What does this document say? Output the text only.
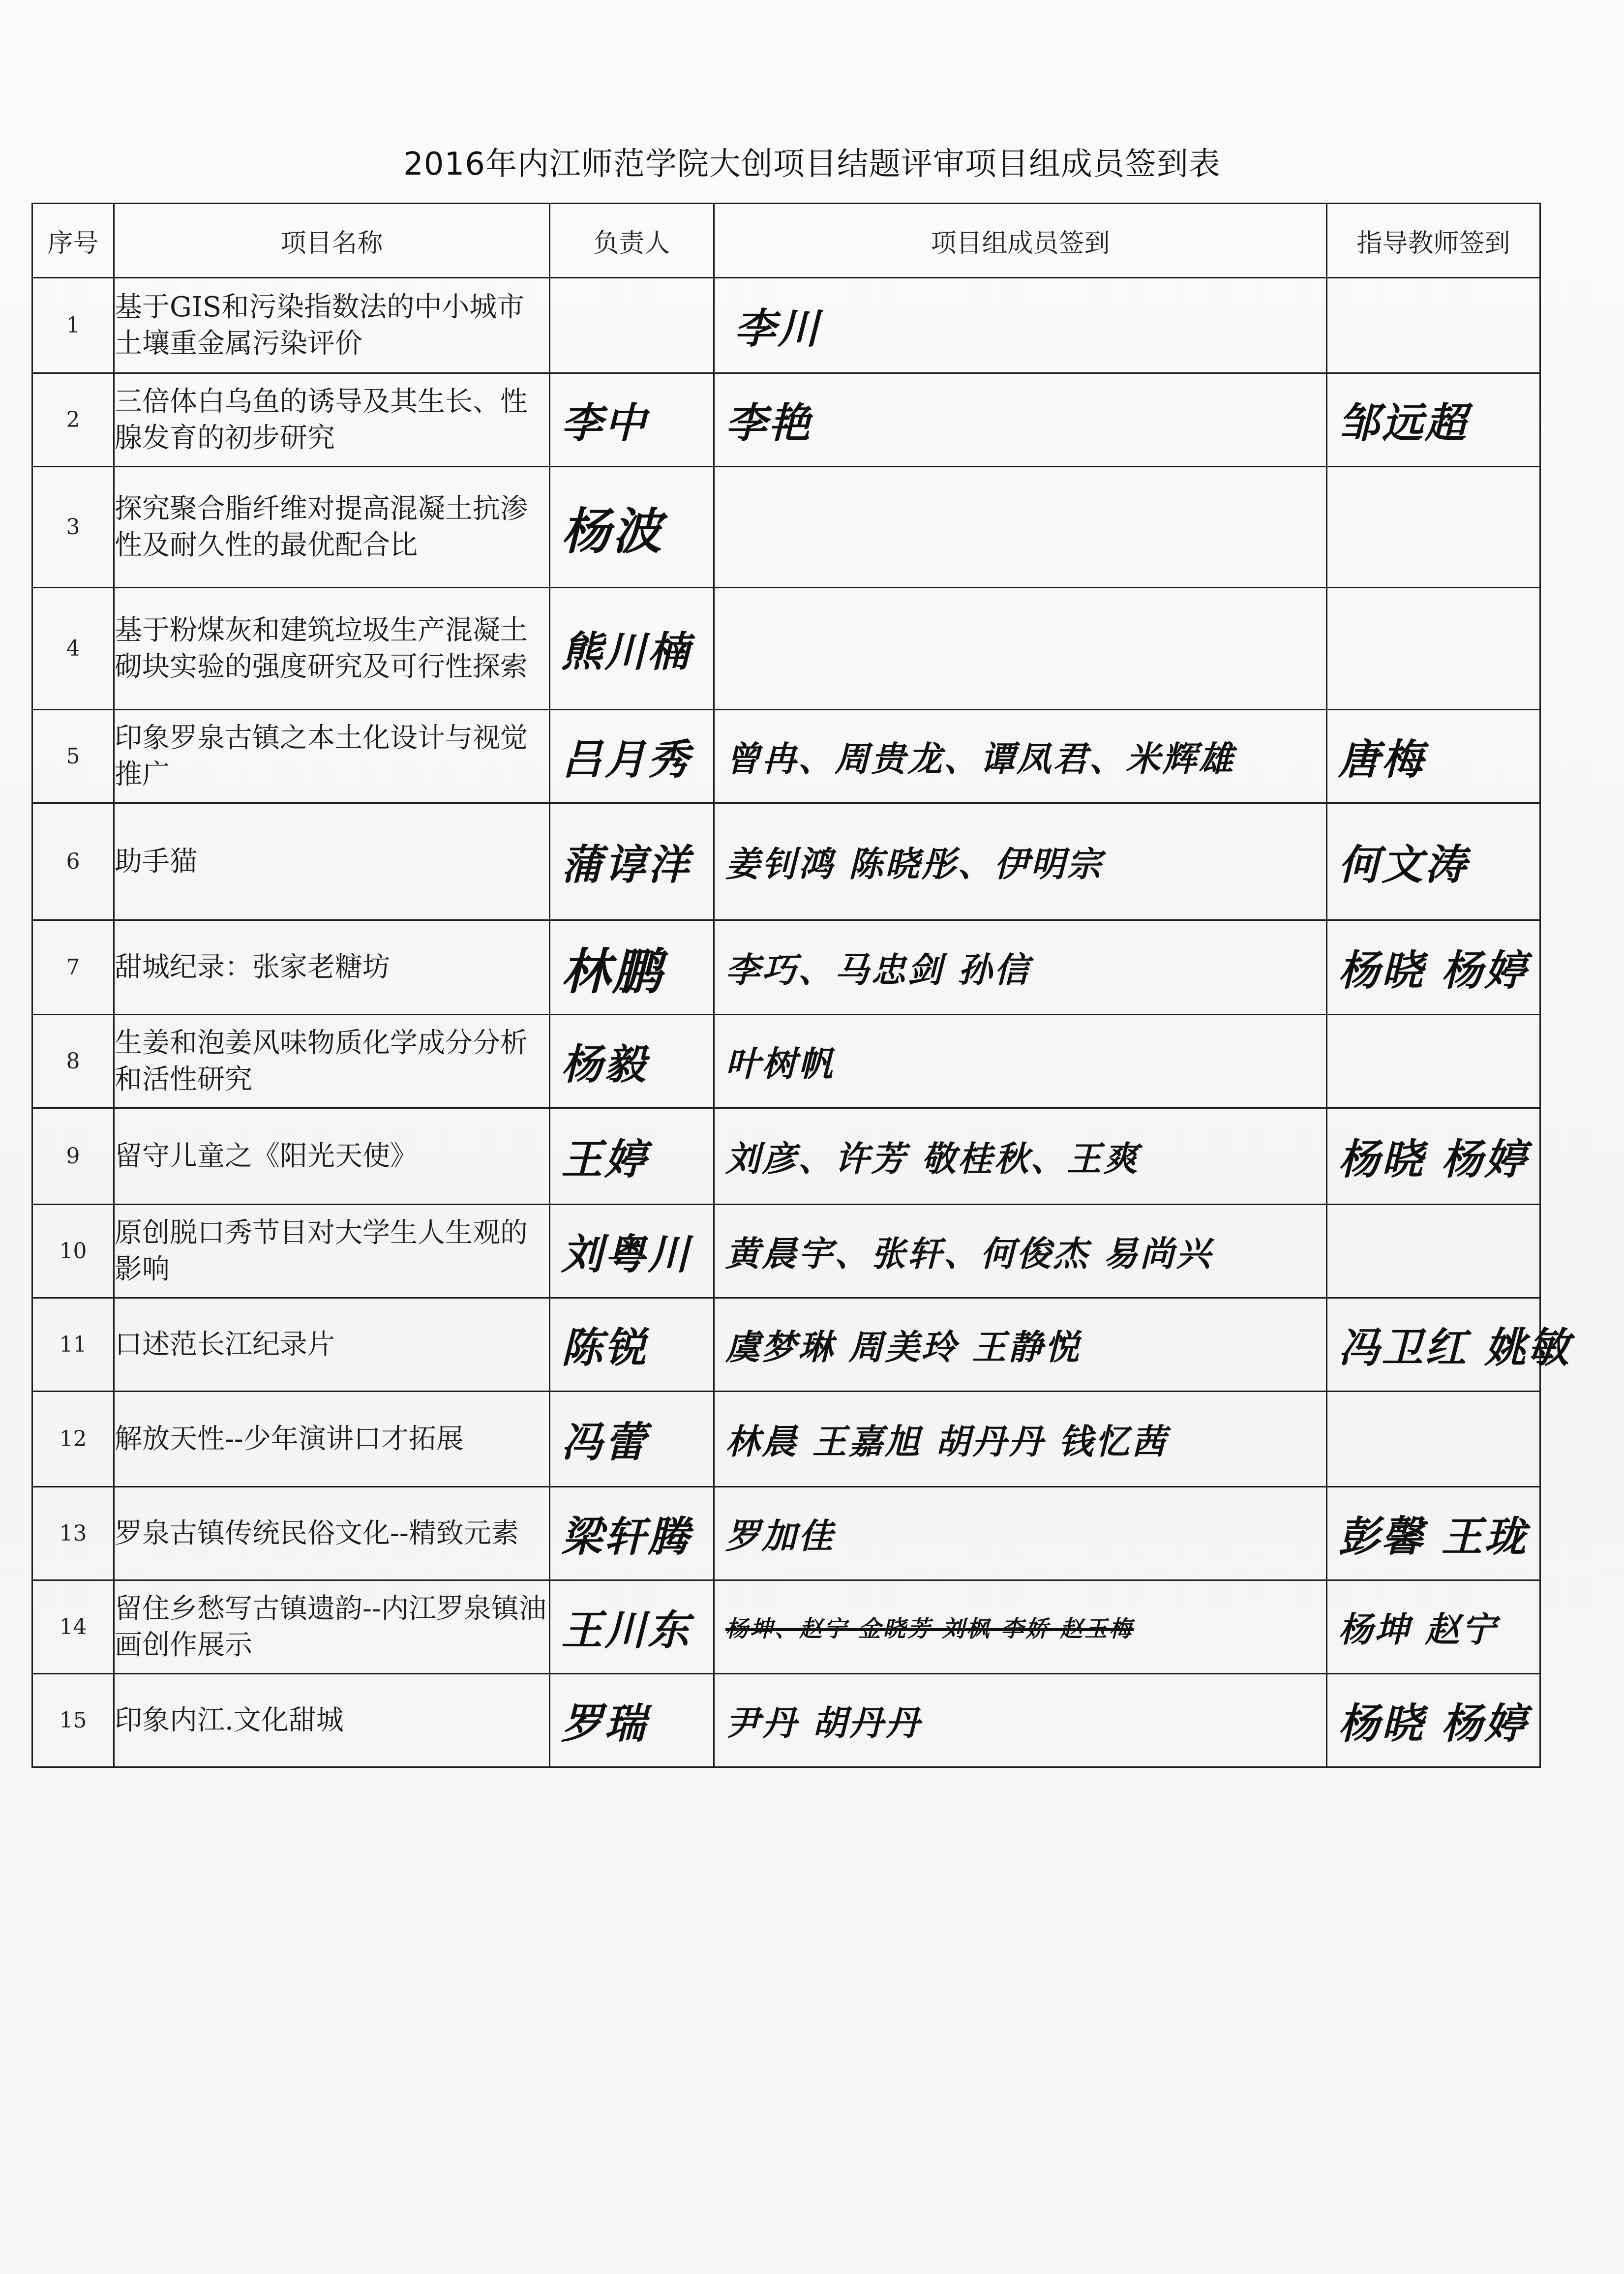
2016年内江师范学院大创项目结题评审项目组成员签到表
序号	项目名称	负责人	项目组成员签到	指导教师签到
1	基于GIS和污染指数法的中小城市土壤重金属污染评价		李川	
2	三倍体白乌鱼的诱导及其生长、性腺发育的初步研究	李中	李艳	邹远超
3	探究聚合脂纤维对提高混凝土抗渗性及耐久性的最优配合比	杨波		
4	基于粉煤灰和建筑垃圾生产混凝土砌块实验的强度研究及可行性探索	熊川楠		
5	印象罗泉古镇之本土化设计与视觉推广	吕月秀	曾冉、周贵龙、谭凤君、米辉雄	唐梅
6	助手猫	蒲谆洋	姜钊鸿 陈晓彤、伊明宗	何文涛
7	甜城纪录：张家老糖坊	林鹏	李巧、马忠剑 孙信	杨晓 杨婷
8	生姜和泡姜风味物质化学成分分析和活性研究	杨毅	叶树帆	
9	留守儿童之《阳光天使》	王婷	刘彦、许芳 敬桂秋、王爽	杨晓 杨婷
10	原创脱口秀节目对大学生人生观的影响	刘粤川	黄晨宇、张轩、何俊杰 易尚兴	
11	口述范长江纪录片	陈锐	虞梦琳 周美玲 王静悦	冯卫红 姚敏
12	解放天性--少年演讲口才拓展	冯蕾	林晨 王嘉旭 胡丹丹 钱忆茜	
13	罗泉古镇传统民俗文化--精致元素	梁轩腾	罗加佳	彭馨 王珑
14	留住乡愁写古镇遗韵--内江罗泉镇油画创作展示	王川东	杨坤、赵宁 金晓芳 刘枫 李娇 赵玉梅	杨坤 赵宁
15	印象内江.文化甜城	罗瑞	尹丹 胡丹丹	杨晓 杨婷
